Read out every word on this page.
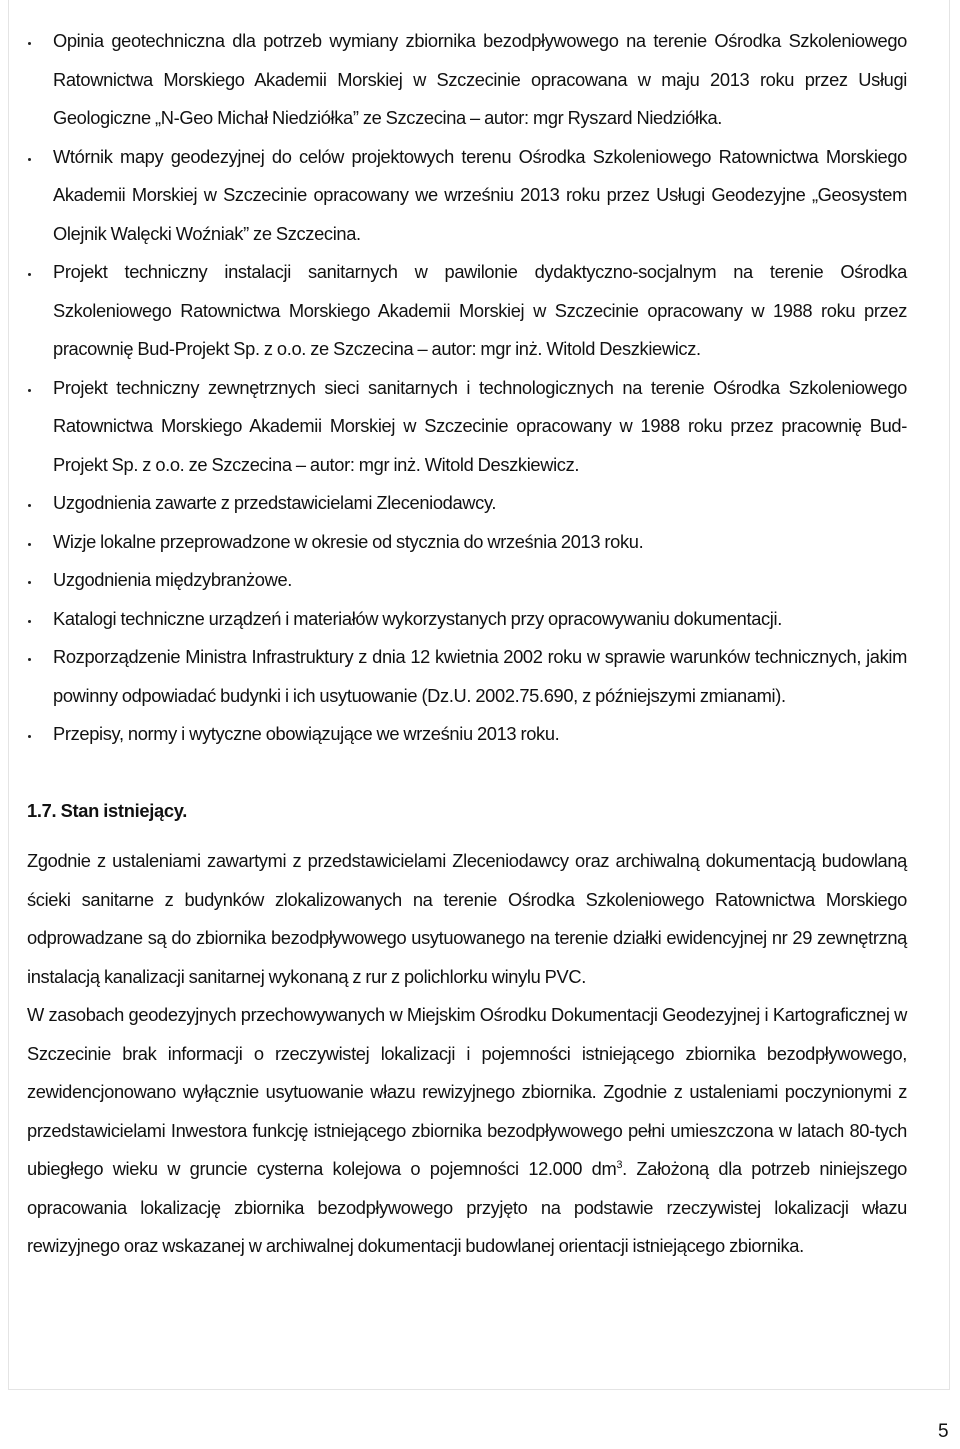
Opinia geotechniczna dla potrzeb wymiany zbiornika bezodpływowego na terenie Ośrodka Szkoleniowego Ratownictwa Morskiego Akademii Morskiej w Szczecinie opracowana w maju 2013 roku przez Usługi Geologiczne „N-Geo Michał Niedziółka” ze Szczecina – autor: mgr Ryszard Niedziółka.
Wtórnik mapy geodezyjnej do celów projektowych terenu Ośrodka Szkoleniowego Ratownictwa Morskiego Akademii Morskiej w Szczecinie opracowany we wrześniu 2013 roku przez Usługi Geodezyjne „Geosystem Olejnik Walęcki Woźniak” ze Szczecina.
Projekt techniczny instalacji sanitarnych w pawilonie dydaktyczno-socjalnym na terenie Ośrodka Szkoleniowego Ratownictwa Morskiego Akademii Morskiej w Szczecinie opracowany w 1988 roku przez pracownię Bud-Projekt Sp. z o.o. ze Szczecina – autor: mgr inż. Witold Deszkiewicz.
Projekt techniczny zewnętrznych sieci sanitarnych i technologicznych na terenie Ośrodka Szkoleniowego Ratownictwa Morskiego Akademii Morskiej w Szczecinie opracowany w 1988 roku przez pracownię Bud-Projekt Sp. z o.o. ze Szczecina – autor: mgr inż. Witold Deszkiewicz.
Uzgodnienia zawarte z przedstawicielami Zleceniodawcy.
Wizje lokalne przeprowadzone w okresie od stycznia do września 2013 roku.
Uzgodnienia międzybranżowe.
Katalogi techniczne urządzeń i materiałów wykorzystanych przy opracowywaniu dokumentacji.
Rozporządzenie Ministra Infrastruktury z dnia 12 kwietnia 2002 roku w sprawie warunków technicznych, jakim powinny odpowiadać budynki i ich usytuowanie (Dz.U. 2002.75.690, z późniejszymi zmianami).
Przepisy, normy i wytyczne obowiązujące we wrześniu 2013 roku.
1.7. Stan istniejący.

Zgodnie z ustaleniami zawartymi z przedstawicielami Zleceniodawcy oraz archiwalną dokumentacją budowlaną ścieki sanitarne z budynków zlokalizowanych na terenie Ośrodka Szkoleniowego Ratownictwa Morskiego odprowadzane są do zbiornika bezodpływowego usytuowanego na terenie działki ewidencyjnej nr 29 zewnętrzną instalacją kanalizacji sanitarnej wykonaną z rur z polichlorku winylu PVC.

W zasobach geodezyjnych przechowywanych w Miejskim Ośrodku Dokumentacji Geodezyjnej i Kartograficznej w Szczecinie brak informacji o rzeczywistej lokalizacji i pojemności istniejącego zbiornika bezodpływowego, zewidencjonowano wyłącznie usytuowanie włazu rewizyjnego zbiornika. Zgodnie z ustaleniami poczynionymi z przedstawicielami Inwestora funkcję istniejącego zbiornika bezodpływowego pełni umieszczona w latach 80-tych ubiegłego wieku w gruncie cysterna kolejowa o pojemności 12.000 $dm^3$. Założoną dla potrzeb niniejszego opracowania lokalizację zbiornika bezodpływowego przyjęto na podstawie rzeczywistej lokalizacji włazu rewizyjnego oraz wskazanej w archiwalnej dokumentacji budowlanej orientacji istniejącego zbiornika.

5
